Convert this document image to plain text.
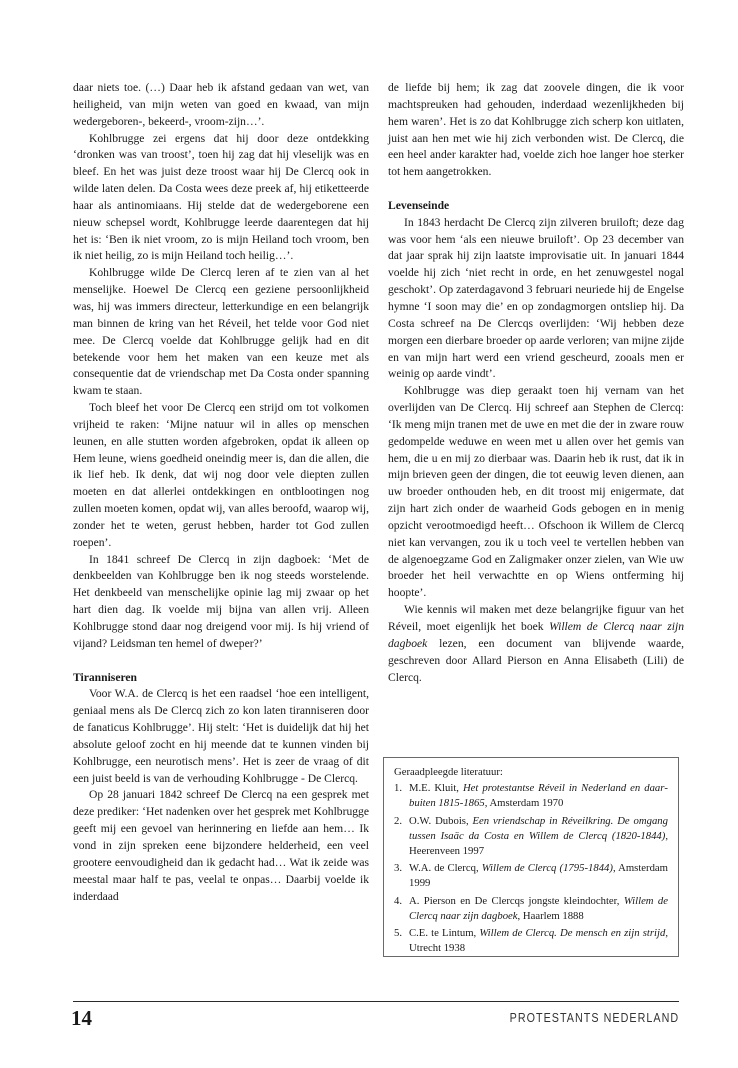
daar niets toe. (…) Daar heb ik afstand gedaan van wet, van heiligheid, van mijn weten van goed en kwaad, van mijn wedergeboren-, bekeerd-, vroom-zijn…’.

Kohlbrugge zei ergens dat hij door deze ontdekking ‘dronken was van troost’, toen hij zag dat hij vleselijk was en bleef. En het was juist deze troost waar hij De Clercq ook in wilde laten delen. Da Costa wees deze preek af, hij etiketteerde haar als antinomiaans. Hij stelde dat de wedergeborene een nieuw schepsel wordt, Kohlbrugge leerde daarentegen dat hij het is: ‘Ben ik niet vroom, zo is mijn Heiland toch vroom, ben ik niet heilig, zo is mijn Heiland toch heilig…’.

Kohlbrugge wilde De Clercq leren af te zien van al het menselijke. Hoewel De Clercq een geziene persoonlijkheid was, hij was immers directeur, letterkundige en een belangrijk man binnen de kring van het Réveil, het telde voor God niet mee. De Clercq voelde dat Kohlbrugge gelijk had en dit betekende voor hem het maken van een keuze met als consequentie dat de vriendschap met Da Costa onder spanning kwam te staan.

Toch bleef het voor De Clercq een strijd om tot volkomen vrijheid te raken: ‘Mijne natuur wil in alles op menschen leunen, en alle stutten worden afgebroken, opdat ik alleen op Hem leune, wiens goedheid oneindig meer is, dan die allen, die ik lief heb. Ik denk, dat wij nog door vele diepten zullen moeten en dat allerlei ontdekkingen en ontblootingen nog zullen moeten komen, opdat wij, van alles beroofd, waarop wij, zonder het te weten, gerust hebben, harder tot God zullen roepen’.

In 1841 schreef De Clercq in zijn dagboek: ‘Met de denkbeelden van Kohlbrugge ben ik nog steeds worstelende. Het denkbeeld van menschelijke opinie lag mij zwaar op het hart dien dag. Ik voelde mij bijna van allen vrij. Alleen Kohlbrugge stond daar nog dreigend voor mij. Is hij vriend of vijand? Leidsman ten hemel of dweper?’

Tiranniseren

Voor W.A. de Clercq is het een raadsel ‘hoe een intelligent, geniaal mens als De Clercq zich zo kon laten tiranniseren door de fanaticus Kohlbrugge’. Hij stelt: ‘Het is duidelijk dat hij het absolute geloof zocht en hij meende dat te kunnen vinden bij Kohlbrugge, een neurotisch mens’. Het is zeer de vraag of dit een juist beeld is van de verhouding Kohlbrugge - De Clercq.

Op 28 januari 1842 schreef De Clercq na een gesprek met deze prediker: ‘Het nadenken over het gesprek met Kohlbrugge geeft mij een gevoel van herinnering en liefde aan hem… Ik vond in zijn spreken eene bijzondere helderheid, een veel grootere eenvoudigheid dan ik gedacht had… Wat ik zeide was meestal maar half te pas, veelal te onpas… Daarbij voelde ik inderdaad

de liefde bij hem; ik zag dat zoovele dingen, die ik voor machtspreuken had gehouden, inderdaad wezenlijkheden bij hem waren’. Het is zo dat Kohlbrugge zich scherp kon uitlaten, juist aan hen met wie hij zich verbonden wist. De Clercq, die een heel ander karakter had, voelde zich hoe langer hoe sterker tot hem aangetrokken.

Levenseinde

In 1843 herdacht De Clercq zijn zilveren bruiloft; deze dag was voor hem ‘als een nieuwe bruiloft’. Op 23 december van dat jaar sprak hij zijn laatste improvisatie uit. In januari 1844 voelde hij zich ‘niet recht in orde, en het zenuwgestel nogal geschokt’. Op zaterdagavond 3 februari neuriede hij de Engelse hymne ‘I soon may die’ en op zondagmorgen ontsliep hij. Da Costa schreef na De Clercqs overlijden: ‘Wij hebben deze morgen een dierbare broeder op aarde verloren; van mijne zijde en van mijn hart werd een vriend gescheurd, zooals men er weinig op aarde vindt’.

Kohlbrugge was diep geraakt toen hij vernam van het overlijden van De Clercq. Hij schreef aan Stephen de Clercq: ‘Ik meng mijn tranen met de uwe en met die der in zware rouw gedompelde weduwe en ween met u allen over het gemis van hem, die u en mij zo dierbaar was. Daarin heb ik rust, dat ik in mijn brieven geen der dingen, die tot eeuwig leven dienen, aan uw broeder onthouden heb, en dit troost mij enigermate, dat zijn hart zich onder de waarheid Gods gebogen en in menig opzicht verootmoedigd heeft… Ofschoon ik Willem de Clercq niet kan vervangen, zou ik u toch veel te vertellen hebben van de algenoegzame God en Zaligmaker onzer zielen, van Wie uw broeder het heil verwachtte en op Wiens ontferming hij hoopte’.

Wie kennis wil maken met deze belangrijke figuur van het Réveil, moet eigenlijk het boek Willem de Clercq naar zijn dagboek lezen, een document van blijvende waarde, geschreven door Allard Pierson en Anna Elisabeth (Lili) de Clercq.

Geraadpleegde literatuur:

1. M.E. Kluit, Het protestantse Réveil in Nederland en daarbuiten 1815-1865, Amsterdam 1970
2. O.W. Dubois, Een vriendschap in Réveilkring. De omgang tussen Isaäc da Costa en Willem de Clercq (1820-1844), Heerenveen 1997
3. W.A. de Clercq, Willem de Clercq (1795-1844), Amsterdam 1999
4. A. Pierson en De Clercqs jongste kleindochter, Willem de Clercq naar zijn dagboek, Haarlem 1888
5. C.E. te Lintum, Willem de Clercq. De mensch en zijn strijd, Utrecht 1938
14	PROTESTANTS NEDERLAND
